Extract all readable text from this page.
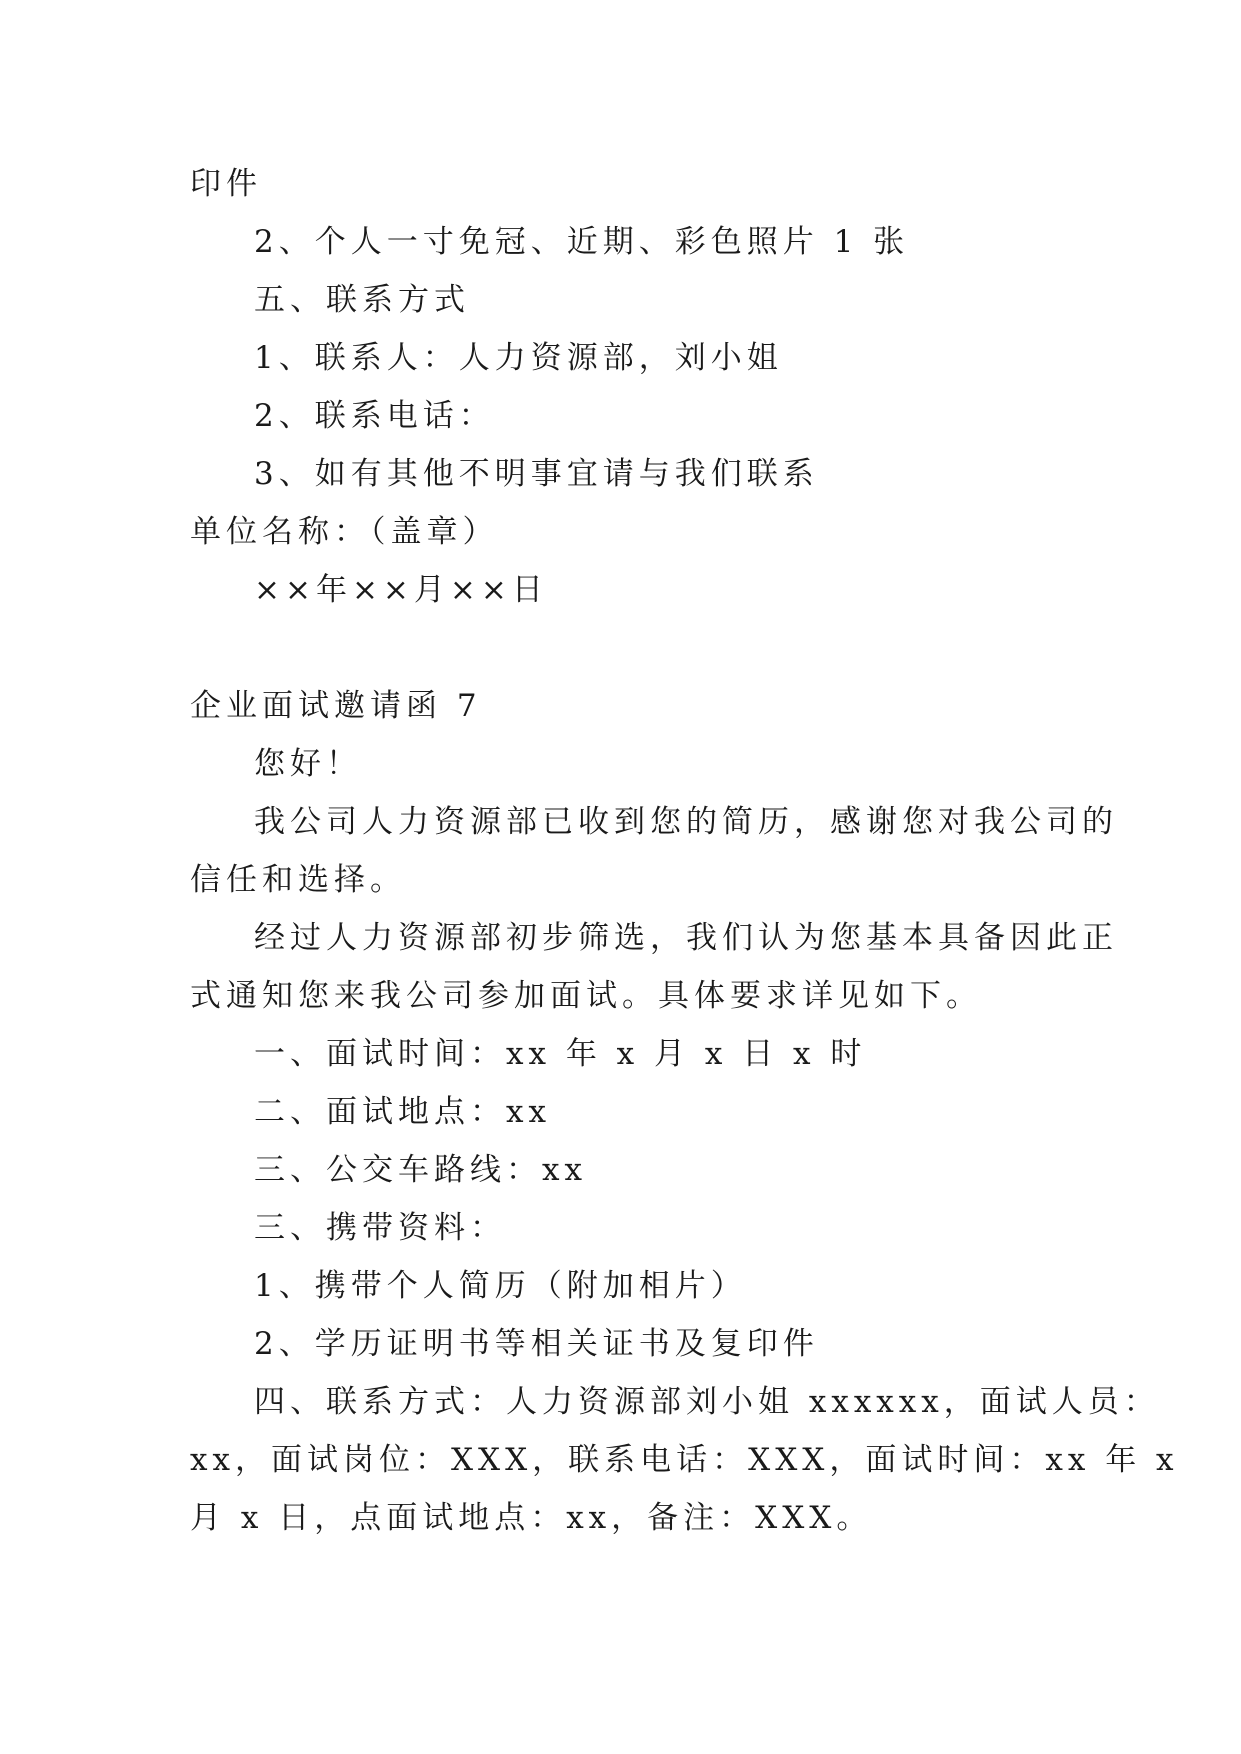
印件
2、个人一寸免冠、近期、彩色照片 1 张
五、联系方式
1、联系人：人力资源部，刘小姐
2、联系电话：
3、如有其他不明事宜请与我们联系
单位名称：（盖章）
××年××月××日
企业面试邀请函 7
您好！
我公司人力资源部已收到您的简历，感谢您对我公司的
信任和选择。
经过人力资源部初步筛选，我们认为您基本具备因此正
式通知您来我公司参加面试。具体要求详见如下。
一、面试时间：xx 年 x 月 x 日 x 时
二、面试地点：xx
三、公交车路线：xx
三、携带资料：
1、携带个人简历（附加相片）
2、学历证明书等相关证书及复印件
四、联系方式：人力资源部刘小姐 xxxxxx，面试人员：
xx，面试岗位：XXX，联系电话：XXX，面试时间：xx 年 x
月 x 日，点面试地点：xx，备注：XXX。
